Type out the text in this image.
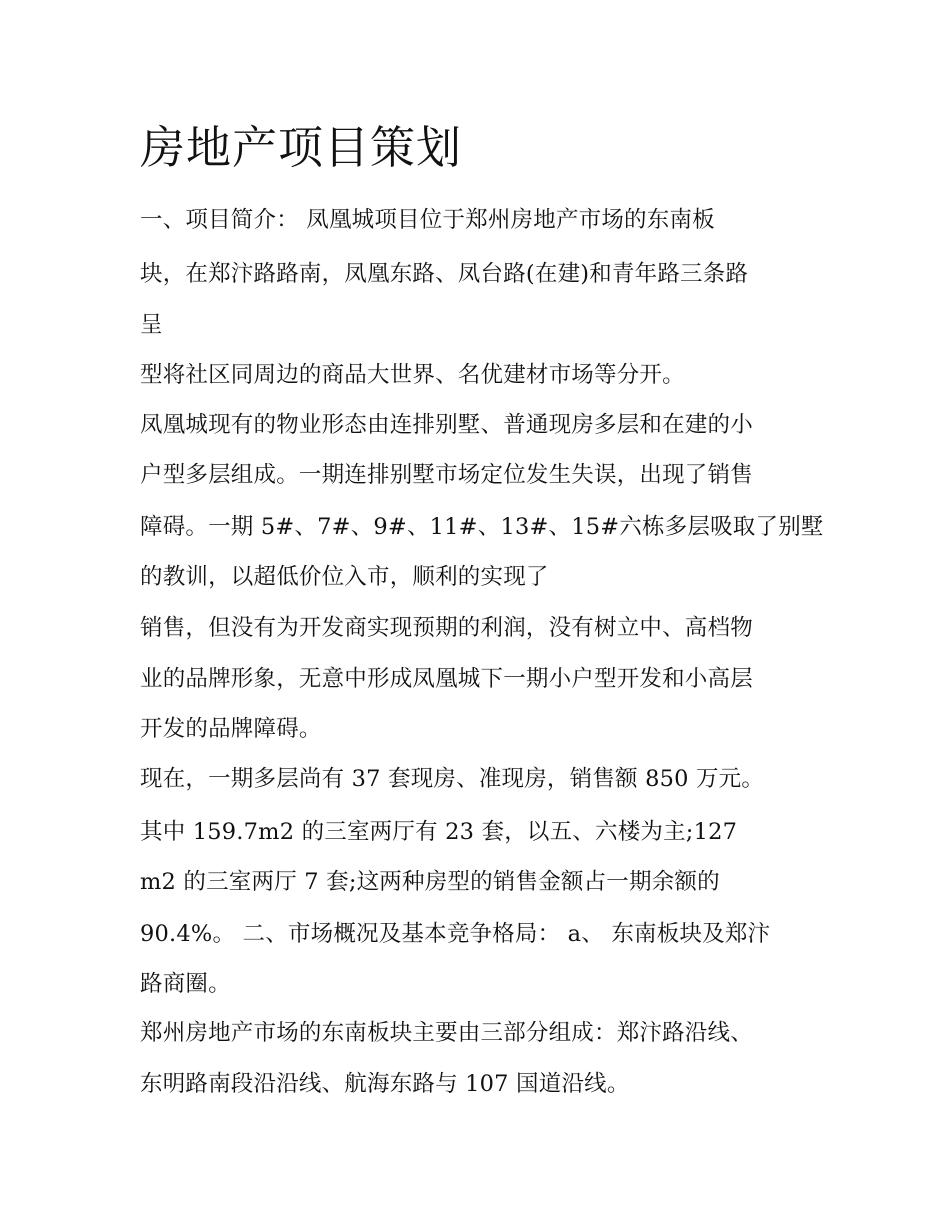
房地产项目策划

一、项目简介： 凤凰城项目位于郑州房地产市场的东南板

块，在郑汴路路南，凤凰东路、凤台路(在建)和青年路三条路

呈

型将社区同周边的商品大世界、名优建材市场等分开。

凤凰城现有的物业形态由连排别墅、普通现房多层和在建的小

户型多层组成。一期连排别墅市场定位发生失误，出现了销售

障碍。一期 5#、7#、9#、11#、13#、15#六栋多层吸取了别墅

的教训，以超低价位入市，顺利的实现了

销售，但没有为开发商实现预期的利润，没有树立中、高档物

业的品牌形象，无意中形成凤凰城下一期小户型开发和小高层

开发的品牌障碍。

现在，一期多层尚有 37 套现房、准现房，销售额 850 万元。

其中 159.7m2 的三室两厅有 23 套，以五、六楼为主;127

m2 的三室两厅 7 套;这两种房型的销售金额占一期余额的

90.4%。 二、市场概况及基本竞争格局： a、 东南板块及郑汴

路商圈。

郑州房地产市场的东南板块主要由三部分组成：郑汴路沿线、

东明路南段沿沿线、航海东路与 107 国道沿线。
